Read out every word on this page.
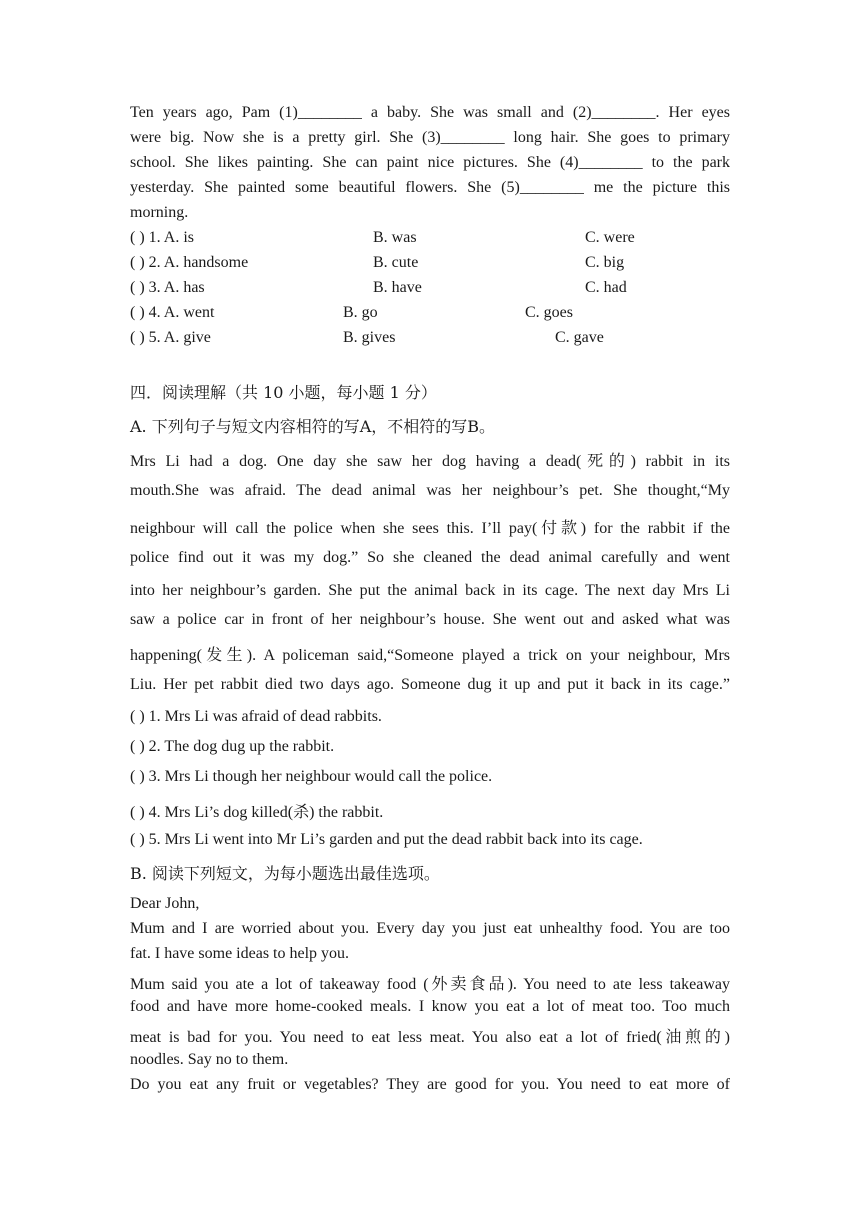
Ten years ago, Pam (1)________ a baby. She was small and (2)________. Her eyes
were big. Now she is a pretty girl. She (3)________ long hair. She goes to primary
school. She likes painting. She can paint nice pictures. She (4)________ to the park
yesterday. She painted some beautiful flowers. She (5)________ me the picture this
morning.
( ) 1. A. is	B. was	C. were
( ) 2. A. handsome	B. cute	C. big
( ) 3. A. has	B. have	C. had
( ) 4. A. went	B. go	C. goes
( ) 5. A. give	B. gives	C. gave
四．阅读理解（共 10 小题，每小题 1 分）
A. 下列句子与短文内容相符的写A，不相符的写B。
Mrs Li had a dog. One day she saw her dog having a dead(死的) rabbit in its
mouth.She was afraid. The dead animal was her neighbour’s pet. She thought,“My
neighbour will call the police when she sees this. I’ll pay(付款) for the rabbit if the
police find out it was my dog.” So she cleaned the dead animal carefully and went
into her neighbour’s garden. She put the animal back in its cage. The next day Mrs Li
saw a police car in front of her neighbour’s house. She went out and asked what was
happening(发生). A policeman said,“Someone played a trick on your neighbour, Mrs
Liu. Her pet rabbit died two days ago. Someone dug it up and put it back in its cage.”
( ) 1. Mrs Li was afraid of dead rabbits.
( ) 2. The dog dug up the rabbit.
( ) 3. Mrs Li though her neighbour would call the police.
( ) 4. Mrs Li’s dog killed(杀) the rabbit.
( ) 5. Mrs Li went into Mr Li’s garden and put the dead rabbit back into its cage.
B. 阅读下列短文，为每小题选出最佳选项。
Dear John,
Mum and I are worried about you. Every day you just eat unhealthy food. You are too
fat. I have some ideas to help you.
Mum said you ate a lot of takeaway food (外卖食品). You need to ate less takeaway
food and have more home-cooked meals. I know you eat a lot of meat too. Too much
meat is bad for you. You need to eat less meat. You also eat a lot of fried(油煎的)
noodles. Say no to them.
Do you eat any fruit or vegetables? They are good for you. You need to eat more of
